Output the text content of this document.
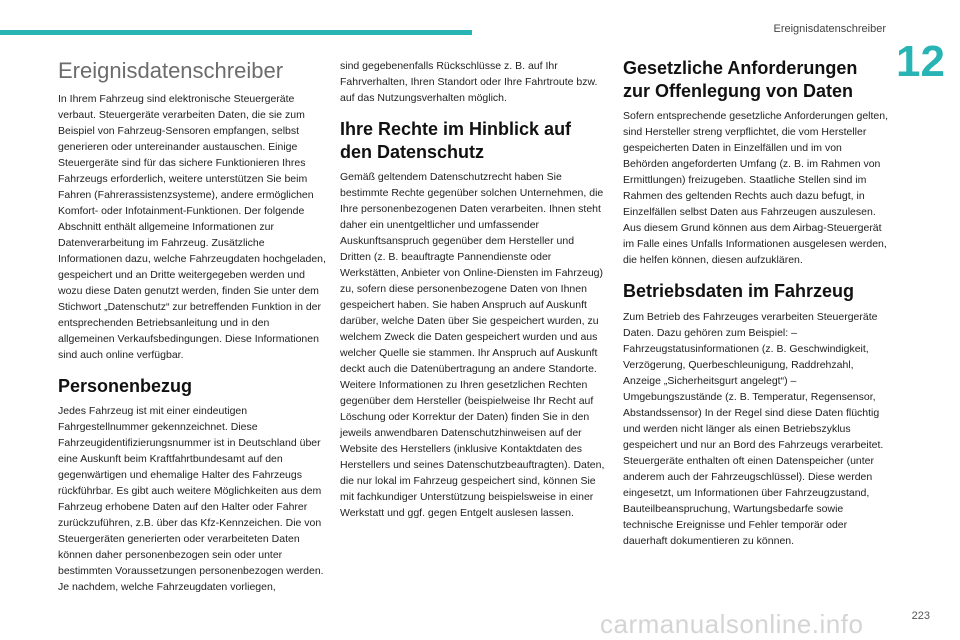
Ereignisdatenschreiber
12
Ereignisdatenschreiber

In Ihrem Fahrzeug sind elektronische Steuergeräte verbaut. Steuergeräte verarbeiten Daten, die sie zum Beispiel von Fahrzeug-Sensoren empfangen, selbst generieren oder untereinander austauschen. Einige Steuergeräte sind für das sichere Funktionieren Ihres Fahrzeugs erforderlich, weitere unterstützen Sie beim Fahren (Fahrerassistenzsysteme), andere ermöglichen Komfort- oder Infotainment-Funktionen. Der folgende Abschnitt enthält allgemeine Informationen zur Datenverarbeitung im Fahrzeug. Zusätzliche Informationen dazu, welche Fahrzeugdaten hochgeladen, gespeichert und an Dritte weitergegeben werden und wozu diese Daten genutzt werden, finden Sie unter dem Stichwort „Datenschutz“ zur betreffenden Funktion in der entsprechenden Betriebsanleitung und in den allgemeinen Verkaufsbedingungen. Diese Informationen sind auch online verfügbar.

Personenbezug

Jedes Fahrzeug ist mit einer eindeutigen Fahrgestellnummer gekennzeichnet. Diese Fahrzeugidentifizierungsnummer ist in Deutschland über eine Auskunft beim Kraftfahrtbundesamt auf den gegenwärtigen und ehemalige Halter des Fahrzeugs rückführbar. Es gibt auch weitere Möglichkeiten aus dem Fahrzeug erhobene Daten auf den Halter oder Fahrer zurückzuführen, z.B. über das Kfz-Kennzeichen. Die von Steuergeräten generierten oder verarbeiteten Daten können daher personenbezogen sein oder unter bestimmten Voraussetzungen personenbezogen werden. Je nachdem, welche Fahrzeugdaten vorliegen,

sind gegebenenfalls Rückschlüsse z. B. auf Ihr Fahrverhalten, Ihren Standort oder Ihre Fahrtroute bzw. auf das Nutzungsverhalten möglich.

Ihre Rechte im Hinblick auf den Datenschutz

Gemäß geltendem Datenschutzrecht haben Sie bestimmte Rechte gegenüber solchen Unternehmen, die Ihre personenbezogenen Daten verarbeiten. Ihnen steht daher ein unentgeltlicher und umfassender Auskunftsanspruch gegenüber dem Hersteller und Dritten (z. B. beauftragte Pannendienste oder Werkstätten, Anbieter von Online-Diensten im Fahrzeug) zu, sofern diese personenbezogene Daten von Ihnen gespeichert haben. Sie haben Anspruch auf Auskunft darüber, welche Daten über Sie gespeichert wurden, zu welchem Zweck die Daten gespeichert wurden und aus welcher Quelle sie stammen. Ihr Anspruch auf Auskunft deckt auch die Datenübertragung an andere Standorte. Weitere Informationen zu Ihren gesetzlichen Rechten gegenüber dem Hersteller (beispielweise Ihr Recht auf Löschung oder Korrektur der Daten) finden Sie in den jeweils anwendbaren Datenschutzhinweisen auf der Website des Herstellers (inklusive Kontaktdaten des Herstellers und seines Datenschutzbeauftragten). Daten, die nur lokal im Fahrzeug gespeichert sind, können Sie mit fachkundiger Unterstützung beispielsweise in einer Werkstatt und ggf. gegen Entgelt auslesen lassen.

Gesetzliche Anforderungen zur Offenlegung von Daten

Sofern entsprechende gesetzliche Anforderungen gelten, sind Hersteller streng verpflichtet, die vom Hersteller gespeicherten Daten in Einzelfällen und im von Behörden angeforderten Umfang (z. B. im Rahmen von Ermittlungen) freizugeben. Staatliche Stellen sind im Rahmen des geltenden Rechts auch dazu befugt, in Einzelfällen selbst Daten aus Fahrzeugen auszulesen. Aus diesem Grund können aus dem Airbag-Steuergerät im Falle eines Unfalls Informationen ausgelesen werden, die helfen können, diesen aufzuklären.

Betriebsdaten im Fahrzeug

Zum Betrieb des Fahrzeuges verarbeiten Steuergeräte Daten. Dazu gehören zum Beispiel: – Fahrzeugstatusinformationen (z. B. Geschwindigkeit, Verzögerung, Querbeschleunigung, Raddrehzahl, Anzeige „Sicherheitsgurt angelegt“) – Umgebungszustände (z. B. Temperatur, Regensensor, Abstandssensor) In der Regel sind diese Daten flüchtig und werden nicht länger als einen Betriebszyklus gespeichert und nur an Bord des Fahrzeugs verarbeitet. Steuergeräte enthalten oft einen Datenspeicher (unter anderem auch der Fahrzeugschlüssel). Diese werden eingesetzt, um Informationen über Fahrzeugzustand, Bauteilbeanspruchung, Wartungsbedarfe sowie technische Ereignisse und Fehler temporär oder dauerhaft dokumentieren zu können.

223
carmanualsonline.info
